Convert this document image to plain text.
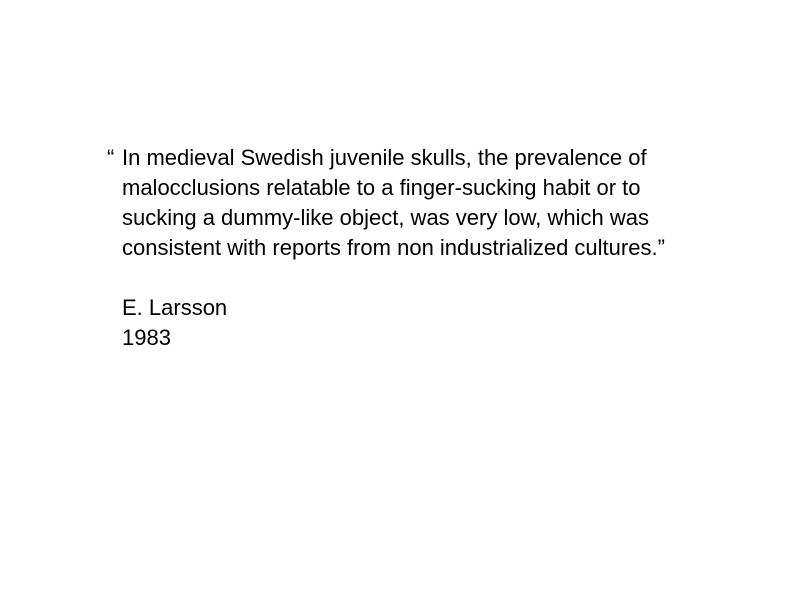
“ In medieval Swedish juvenile skulls, the prevalence of
malocclusions relatable to a finger-sucking habit or to
sucking a dummy-like object, was very low, which was
consistent with reports from non industrialized cultures.”
E. Larsson
1983
